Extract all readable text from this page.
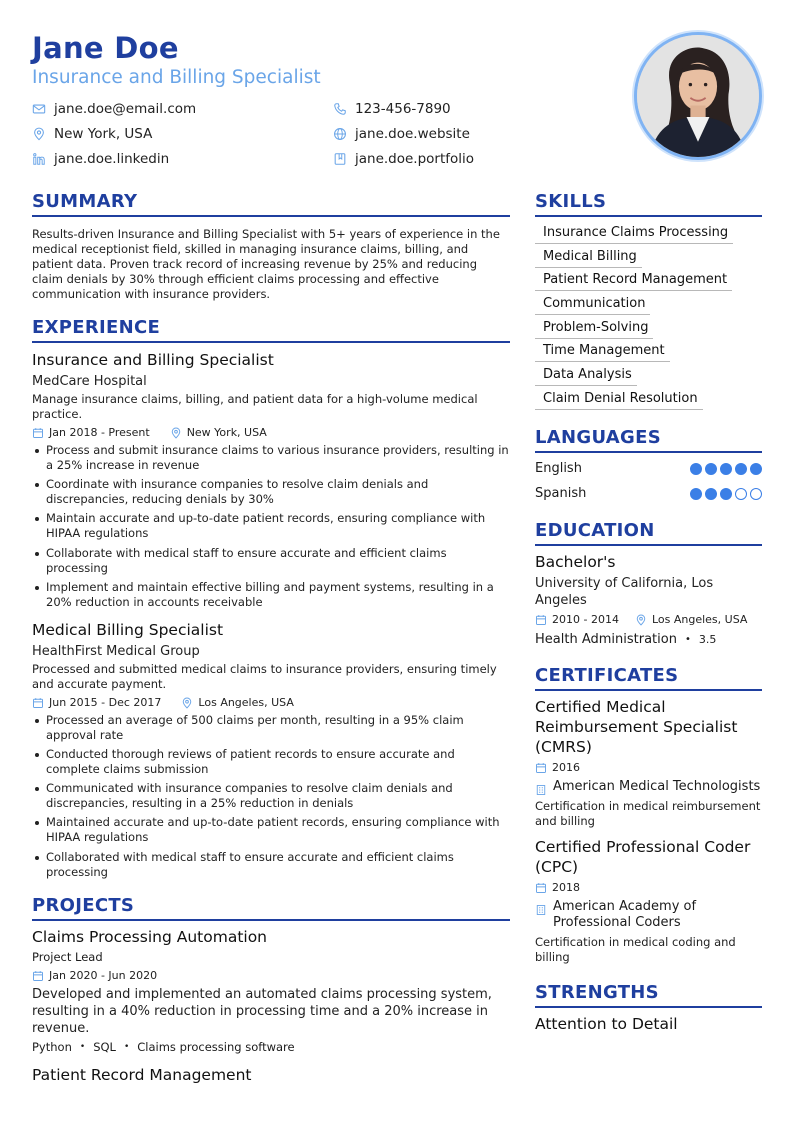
Jane Doe
Insurance and Billing Specialist
jane.doe@email.com	123-456-7890
New York, USA	jane.doe.website
jane.doe.linkedin	jane.doe.portfolio
SUMMARY
Results-driven Insurance and Billing Specialist with 5+ years of experience in the medical receptionist field, skilled in managing insurance claims, billing, and patient data. Proven track record of increasing revenue by 25% and reducing claim denials by 30% through efficient claims processing and effective communication with insurance providers.
EXPERIENCE
Insurance and Billing Specialist
MedCare Hospital
Manage insurance claims, billing, and patient data for a high-volume medical practice.
Jan 2018 - Present	New York, USA
Process and submit insurance claims to various insurance providers, resulting in a 25% increase in revenue
Coordinate with insurance companies to resolve claim denials and discrepancies, reducing denials by 30%
Maintain accurate and up-to-date patient records, ensuring compliance with HIPAA regulations
Collaborate with medical staff to ensure accurate and efficient claims processing
Implement and maintain effective billing and payment systems, resulting in a 20% reduction in accounts receivable
Medical Billing Specialist
HealthFirst Medical Group
Processed and submitted medical claims to insurance providers, ensuring timely and accurate payment.
Jun 2015 - Dec 2017	Los Angeles, USA
Processed an average of 500 claims per month, resulting in a 95% claim approval rate
Conducted thorough reviews of patient records to ensure accurate and complete claims submission
Communicated with insurance companies to resolve claim denials and discrepancies, resulting in a 25% reduction in denials
Maintained accurate and up-to-date patient records, ensuring compliance with HIPAA regulations
Collaborated with medical staff to ensure accurate and efficient claims processing
PROJECTS
Claims Processing Automation
Project Lead
Jan 2020 - Jun 2020
Developed and implemented an automated claims processing system, resulting in a 40% reduction in processing time and a 20% increase in revenue.
Python • SQL • Claims processing software
Patient Record Management
SKILLS
Insurance Claims Processing
Medical Billing
Patient Record Management
Communication
Problem-Solving
Time Management
Data Analysis
Claim Denial Resolution
LANGUAGES
English
Spanish
EDUCATION
Bachelor's
University of California, Los Angeles
2010 - 2014	Los Angeles, USA
Health Administration • 3.5
CERTIFICATES
Certified Medical Reimbursement Specialist (CMRS)
2016
American Medical Technologists
Certification in medical reimbursement and billing
Certified Professional Coder (CPC)
2018
American Academy of Professional Coders
Certification in medical coding and billing
STRENGTHS
Attention to Detail
